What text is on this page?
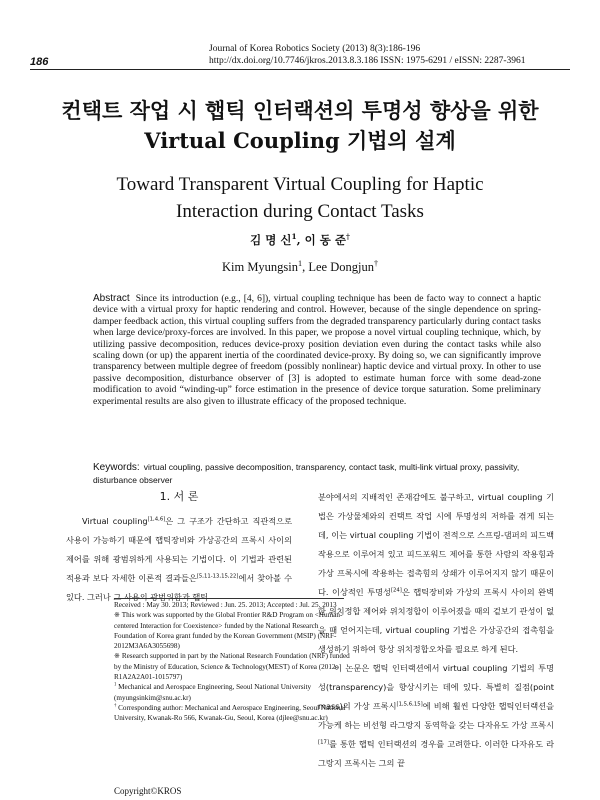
186
Journal of Korea Robotics Society (2013) 8(3):186-196
http://dx.doi.org/10.7746/jkros.2013.8.3.186 ISSN: 1975-6291 / eISSN: 2287-3961
컨택트 작업 시 햅틱 인터랙션의 투명성 향상을 위한
Virtual Coupling 기법의 설계
Toward Transparent Virtual Coupling for Haptic
Interaction during Contact Tasks
김 명 신$^1$, 이 동 준†
Kim Myungsin$^1$, Lee Dongjun†
Abstract Since its introduction (e.g., [4, 6]), virtual coupling technique has been de facto way to connect a haptic device with a virtual proxy for haptic rendering and control. However, because of the single dependence on spring-damper feedback action, this virtual coupling suffers from the degraded transparency particularly during contact tasks when large device/proxy-forces are involved. In this paper, we propose a novel virtual coupling technique, which, by utilizing passive decomposition, reduces device-proxy position deviation even during the contact tasks while also scaling down (or up) the apparent inertia of the coordinated device-proxy. By doing so, we can significantly improve transparency between multiple degree of freedom (possibly nonlinear) haptic device and virtual proxy. In other to use passive decomposition, disturbance observer of [3] is adopted to estimate human force with some dead-zone modification to avoid “winding-up” force estimation in the presence of device torque saturation. Some preliminary experimental results are also given to illustrate efficacy of the proposed technique.
Keywords: virtual coupling, passive decomposition, transparency, contact task, multi-link virtual proxy, passivity, disturbance observer
1. 서 론

Virtual coupling[1,4,6]은 그 구조가 간단하고 직관적으로 사용이 가능하기 때문에 햅틱장비와 가상공간의 프록시 사이의 제어를 위해 광범위하게 사용되는 기법이다. 이 기법과 관련된 적용과 보다 자세한 이론적 결과들은[5,11-13,15,22]에서 찾아볼 수 있다. 그러나 그 사용의 광범위함과 햅틱

Received : May 30. 2013; Reviewed : Jun. 25. 2013; Accepted : Jul. 25. 2013

※ This work was supported by the Global Frontier R&D Program on <Human-centered Interaction for Coexistence> funded by the National Research Foundation of Korea grant funded by the Korean Government (MSIP) (NRF-2012M3A6A3055698)

※ Research supported in part by the National Research Foundation (NRF) funded by the Ministry of Education, Science & Technology(MEST) of Korea (2012-R1A2A2A01-1015797)

$^1$ Mechanical and Aerospace Engineering, Seoul National University (myungsinkim@snu.ac.kr)

† Corresponding author: Mechanical and Aerospace Engineering, Seoul National University, Kwanak-Ro 566, Kwanak-Gu, Seoul, Korea (djlee@snu.ac.kr)

Copyright©KROS

분야에서의 지배적인 존재감에도 불구하고, virtual coupling 기법은 가상물체와의 컨택트 작업 시에 투명성의 저하를 겪게 되는데, 이는 virtual coupling 기법이 전적으로 스프링-댐퍼의 피드백 작용으로 이루어져 있고 피드포워드 제어를 통한 사람의 작용힘과 가상 프록시에 작용하는 접촉힘의 상쇄가 이루어지지 않기 때문이다. 이상적인 투명성[24]은 햅틱장비와 가상의 프록시 사이의 완벽한 위치정합 제어와 위치정합이 이루어졌을 때의 겉보기 관성이 없을 때 얻어지는데, virtual coupling 기법은 가상공간의 접촉힘을 생성하기 위하여 항상 위치정합오차를 필요로 하게 된다.

이 논문은 햅틱 인터랙션에서 virtual coupling 기법의 투명성(transparency)을 향상시키는 데에 있다. 특별히 질점(point mass)의 가상 프록시[1,5,6,15]에 비해 훨씬 다양한 햅틱인터랙션을 가능케 하는 비선형 라그랑지 동역학을 갖는 다자유도 가상 프록시[17]를 통한 햅틱 인터랙션의 경우를 고려한다. 이러한 다자유도 라그랑지 프록시는 그의 끝
